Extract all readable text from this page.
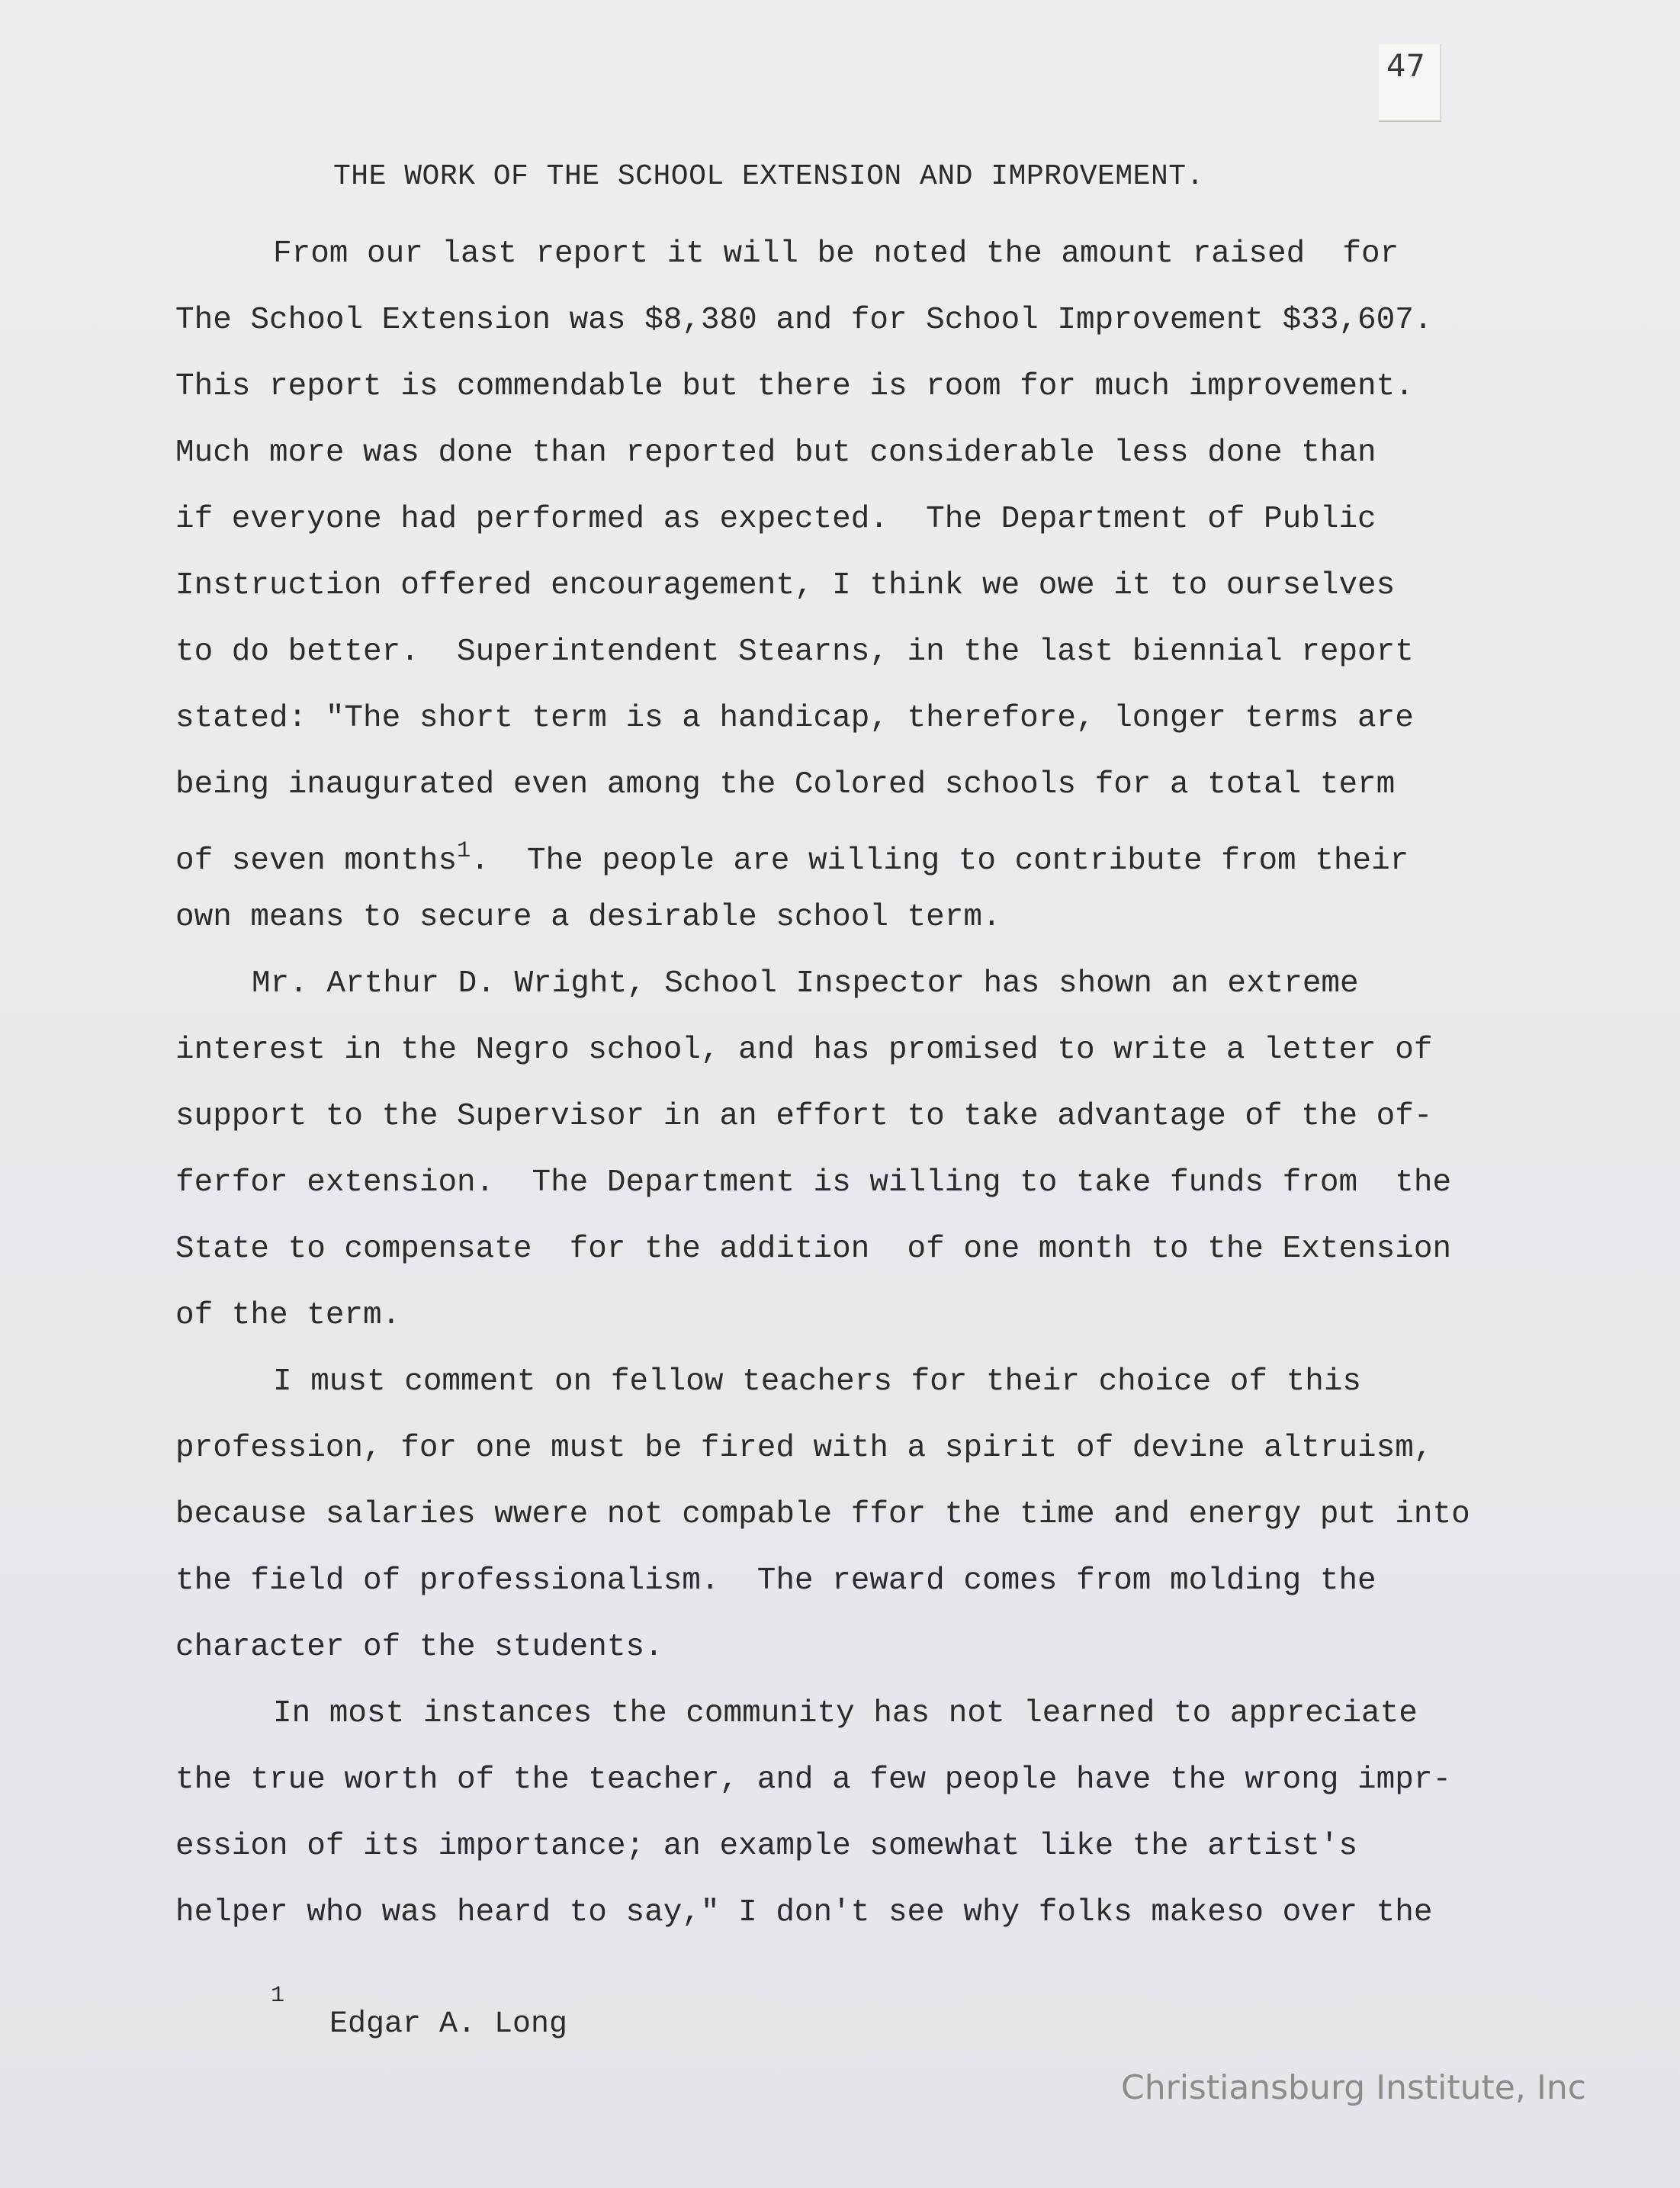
47
THE WORK OF THE SCHOOL EXTENSION AND IMPROVEMENT.
From our last report it will be noted the amount raised  for
The School Extension was $8,380 and for School Improvement $33,607.
This report is commendable but there is room for much improvement.
Much more was done than reported but considerable less done than
if everyone had performed as expected.  The Department of Public
Instruction offered encouragement, I think we owe it to ourselves
to do better.  Superintendent Stearns, in the last biennial report
stated: "The short term is a handicap, therefore, longer terms are
being inaugurated even among the Colored schools for a total term
of seven months$^1$.  The people are willing to contribute from their
own means to secure a desirable school term.
Mr. Arthur D. Wright, School Inspector has shown an extreme
interest in the Negro school, and has promised to write a letter of
support to the Supervisor in an effort to take advantage of the of-
ferfor extension.  The Department is willing to take funds from  the
State to compensate  for the addition  of one month to the Extension
of the term.
I must comment on fellow teachers for their choice of this
profession, for one must be fired with a spirit of devine altruism,
because salaries wwere not compable ffor the time and energy put into
the field of professionalism.  The reward comes from molding the
character of the students.
In most instances the community has not learned to appreciate
the true worth of the teacher, and a few people have the wrong impr-
ession of its importance; an example somewhat like the artist's
helper who was heard to say," I don't see why folks makeso over the
1
Edgar A. Long
Christiansburg Institute, Inc
